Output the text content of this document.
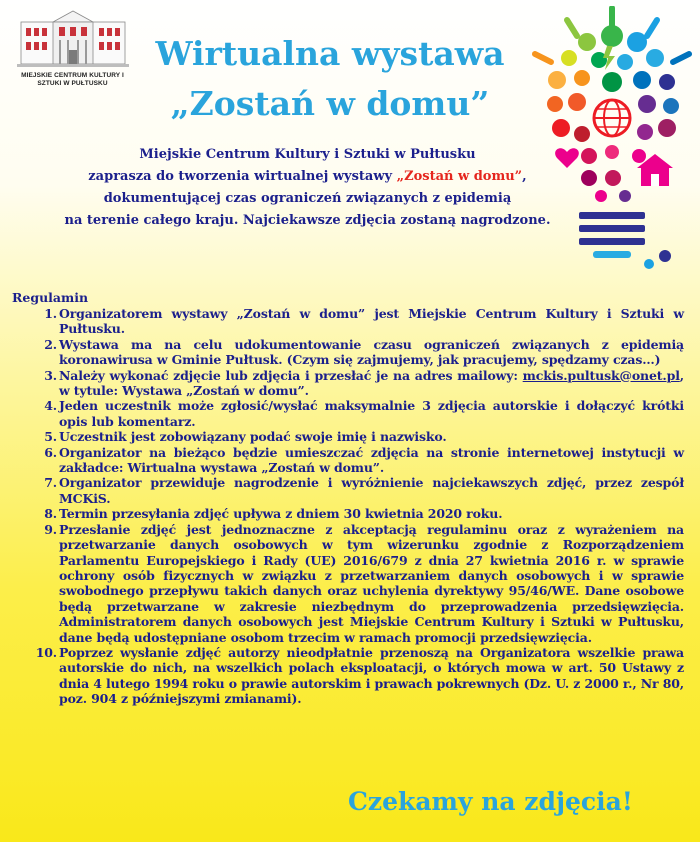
MIEJSKIE CENTRUM KULTURY I SZTUKI W PUŁTUSKU
Wirtualna wystawa
„Zostań w domu”
Miejskie Centrum Kultury i Sztuki w Pułtusku
zaprasza do tworzenia wirtualnej wystawy „Zostań w domu”,
dokumentującej czas ograniczeń związanych z epidemią
na terenie całego kraju. Najciekawsze zdjęcia zostaną nagrodzone.
Regulamin
1. Organizatorem wystawy „Zostań w domu” jest Miejskie Centrum Kultury i Sztuki w Pułtusku.
2. Wystawa ma na celu udokumentowanie czasu ograniczeń związanych z epidemią koronawirusa w Gminie Pułtusk. (Czym się zajmujemy, jak pracujemy, spędzamy czas…)
3. Należy wykonać zdjęcie lub zdjęcia i przesłać je na adres mailowy: mckis.pultusk@onet.pl, w tytule: Wystawa „Zostań w domu”.
4. Jeden uczestnik może zgłosić/wysłać maksymalnie 3 zdjęcia autorskie i dołączyć krótki opis lub komentarz.
5. Uczestnik jest zobowiązany podać swoje imię i nazwisko.
6. Organizator na bieżąco będzie umieszczać zdjęcia na stronie internetowej instytucji w zakładce: Wirtualna wystawa „Zostań w domu”.
7. Organizator przewiduje nagrodzenie i wyróżnienie najciekawszych zdjęć, przez zespół MCKiS.
8. Termin przesyłania zdjęć upływa z dniem 30 kwietnia 2020 roku.
9. Przesłanie zdjęć jest jednoznaczne z akceptacją regulaminu oraz z wyrażeniem na przetwarzanie danych osobowych w tym wizerunku zgodnie z Rozporządzeniem Parlamentu Europejskiego i Rady (UE) 2016/679 z dnia 27 kwietnia 2016 r. w sprawie ochrony osób fizycznych w związku z przetwarzaniem danych osobowych i w sprawie swobodnego przepływu takich danych oraz uchylenia dyrektywy 95/46/WE. Dane osobowe będą przetwarzane w zakresie niezbędnym do przeprowadzenia przedsięwzięcia. Administratorem danych osobowych jest Miejskie Centrum Kultury i Sztuki w Pułtusku, dane będą udostępniane osobom trzecim w ramach promocji przedsięwzięcia.
10. Poprzez wysłanie zdjęć autorzy nieodpłatnie przenoszą na Organizatora wszelkie prawa autorskie do nich, na wszelkich polach eksploatacji, o których mowa w art. 50 Ustawy z dnia 4 lutego 1994 roku o prawie autorskim i prawach pokrewnych (Dz. U. z 2000 r., Nr 80, poz. 904 z późniejszymi zmianami).
Czekamy na zdjęcia!
